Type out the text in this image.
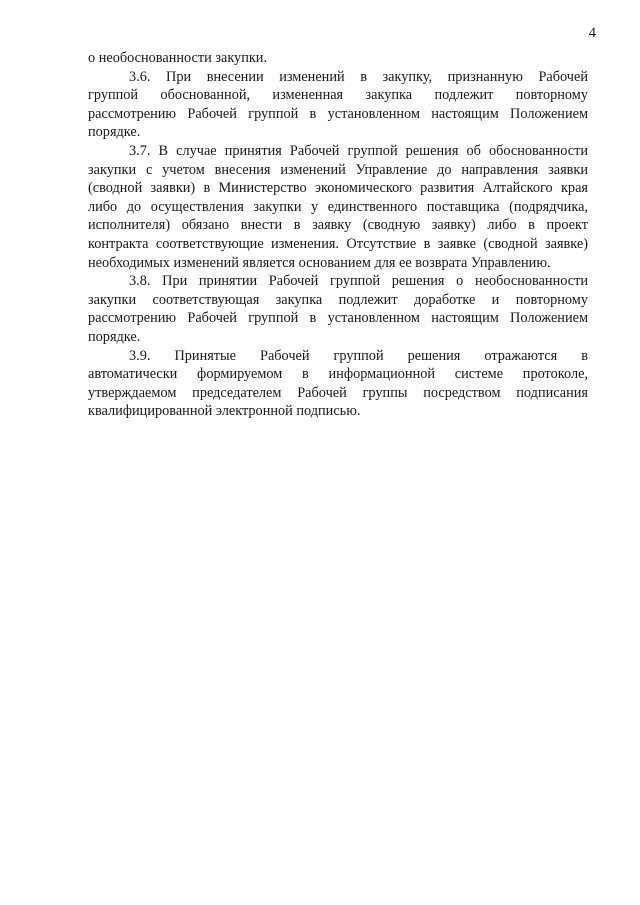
4
о необоснованности закупки.
3.6. При внесении изменений в закупку, признанную Рабочей
группой обоснованной, измененная закупка подлежит повторному
рассмотрению Рабочей группой в установленном настоящим Положением
порядке.
3.7. В случае принятия Рабочей группой решения об обоснованности
закупки с учетом внесения изменений Управление до направления заявки
(сводной заявки) в Министерство экономического развития Алтайского края
либо до осуществления закупки у единственного поставщика (подрядчика,
исполнителя) обязано внести в заявку (сводную заявку) либо в проект
контракта соответствующие изменения. Отсутствие в заявке (сводной заявке)
необходимых изменений является основанием для ее возврата Управлению.
3.8. При принятии Рабочей группой решения о необоснованности
закупки соответствующая закупка подлежит доработке и повторному
рассмотрению Рабочей группой в установленном настоящим Положением
порядке.
3.9. Принятые Рабочей группой решения отражаются в
автоматически формируемом в информационной системе протоколе,
утверждаемом председателем Рабочей группы посредством подписания
квалифицированной электронной подписью.
